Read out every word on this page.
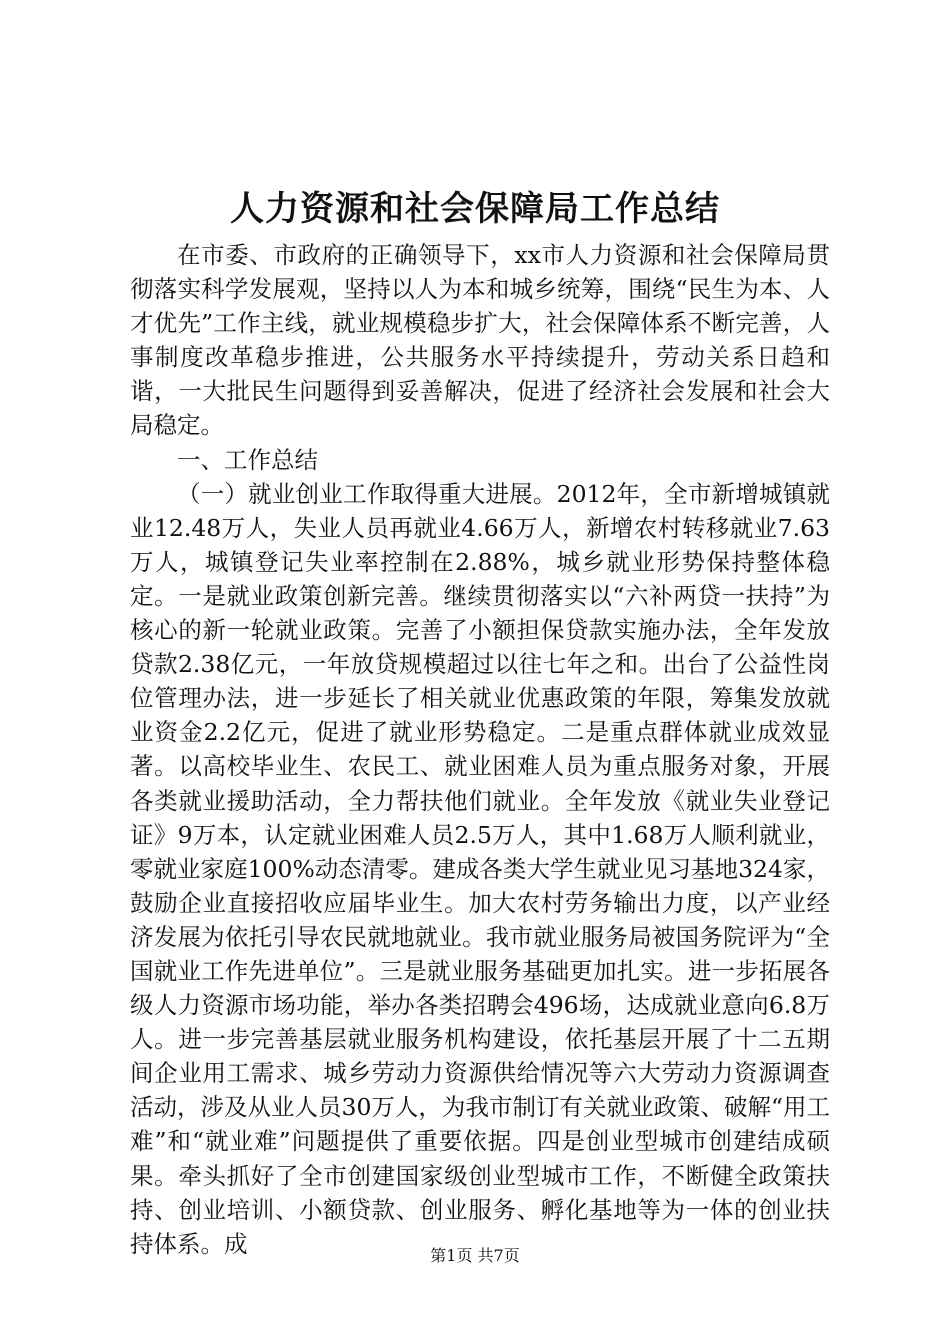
人力资源和社会保障局工作总结

在市委、市政府的正确领导下，xx市人力资源和社会保障局贯彻落实科学发展观，坚持以人为本和城乡统筹，围绕“民生为本、人才优先”工作主线，就业规模稳步扩大，社会保障体系不断完善，人事制度改革稳步推进，公共服务水平持续提升，劳动关系日趋和谐，一大批民生问题得到妥善解决，促进了经济社会发展和社会大局稳定。

一、工作总结

（一）就业创业工作取得重大进展。2012年，全市新增城镇就业12.48万人，失业人员再就业4.66万人，新增农村转移就业7.63万人，城镇登记失业率控制在2.88%，城乡就业形势保持整体稳定。一是就业政策创新完善。继续贯彻落实以“六补两贷一扶持”为核心的新一轮就业政策。完善了小额担保贷款实施办法，全年发放贷款2.38亿元，一年放贷规模超过以往七年之和。出台了公益性岗位管理办法，进一步延长了相关就业优惠政策的年限，筹集发放就业资金2.2亿元，促进了就业形势稳定。二是重点群体就业成效显著。以高校毕业生、农民工、就业困难人员为重点服务对象，开展各类就业援助活动，全力帮扶他们就业。全年发放《就业失业登记证》9万本，认定就业困难人员2.5万人，其中1.68万人顺利就业，零就业家庭100%动态清零。建成各类大学生就业见习基地324家，鼓励企业直接招收应届毕业生。加大农村劳务输出力度，以产业经济发展为依托引导农民就地就业。我市就业服务局被国务院评为“全国就业工作先进单位”。三是就业服务基础更加扎实。进一步拓展各级人力资源市场功能，举办各类招聘会496场，达成就业意向6.8万人。进一步完善基层就业服务机构建设，依托基层开展了十二五期间企业用工需求、城乡劳动力资源供给情况等六大劳动力资源调查活动，涉及从业人员30万人，为我市制订有关就业政策、破解“用工难”和“就业难”问题提供了重要依据。四是创业型城市创建结成硕果。牵头抓好了全市创建国家级创业型城市工作，不断健全政策扶持、创业培训、小额贷款、创业服务、孵化基地等为一体的创业扶持体系。成	第1页 共7页
